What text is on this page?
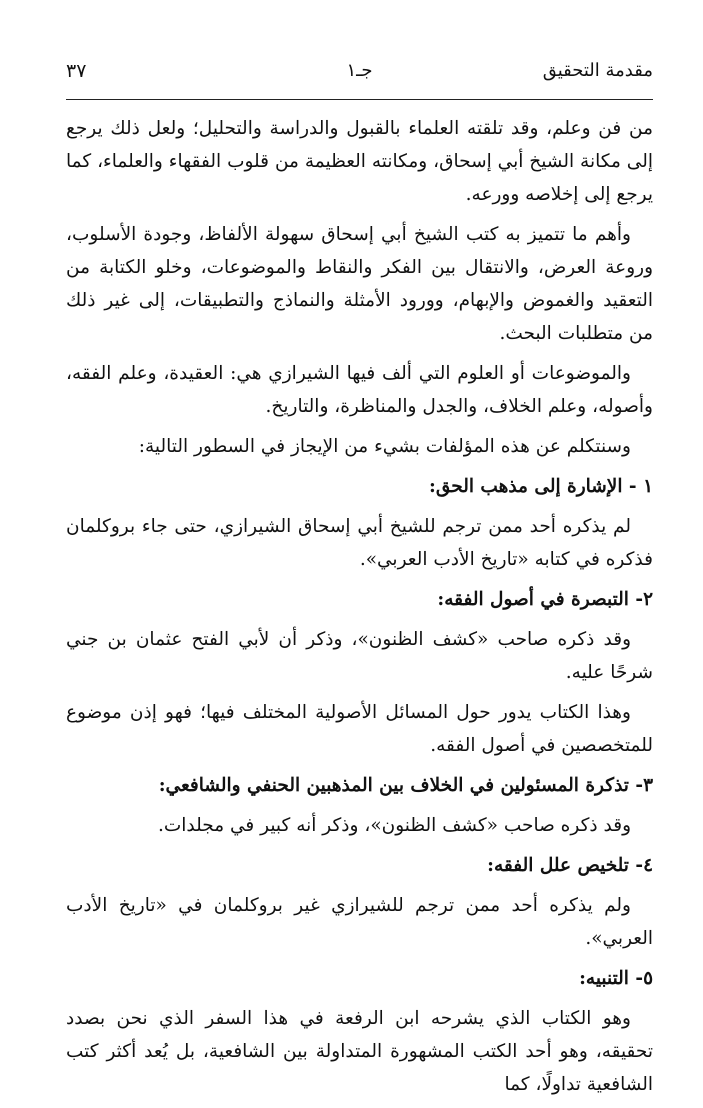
مقدمة التحقيق
جـ١
٣٧

من فن وعلم، وقد تلقته العلماء بالقبول والدراسة والتحليل؛ ولعل ذلك يرجع إلى مكانة الشيخ أبي إسحاق، ومكانته العظيمة من قلوب الفقهاء والعلماء، كما يرجع إلى إخلاصه وورعه.

وأهم ما تتميز به كتب الشيخ أبي إسحاق سهولة الألفاظ، وجودة الأسلوب، وروعة العرض، والانتقال بين الفكر والنقاط والموضوعات، وخلو الكتابة من التعقيد والغموض والإبهام، وورود الأمثلة والنماذج والتطبيقات، إلى غير ذلك من متطلبات البحث.

والموضوعات أو العلوم التي ألف فيها الشيرازي هي: العقيدة، وعلم الفقه، وأصوله، وعلم الخلاف، والجدل والمناظرة، والتاريخ.

وسنتكلم عن هذه المؤلفات بشيء من الإيجاز في السطور التالية:

١ - الإشارة إلى مذهب الحق:

لم يذكره أحد ممن ترجم للشيخ أبي إسحاق الشيرازي، حتى جاء بروكلمان فذكره في كتابه «تاريخ الأدب العربي».

٢- التبصرة في أصول الفقه:

وقد ذكره صاحب «كشف الظنون»، وذكر أن لأبي الفتح عثمان بن جني شرحًا عليه.

وهذا الكتاب يدور حول المسائل الأصولية المختلف فيها؛ فهو إذن موضوع للمتخصصين في أصول الفقه.

٣- تذكرة المسئولين في الخلاف بين المذهبين الحنفي والشافعي:

وقد ذكره صاحب «كشف الظنون»، وذكر أنه كبير في مجلدات.

٤- تلخيص علل الفقه:

ولم يذكره أحد ممن ترجم للشيرازي غير بروكلمان في «تاريخ الأدب العربي».

٥- التنبيه:

وهو الكتاب الذي يشرحه ابن الرفعة في هذا السفر الذي نحن بصدد تحقيقه، وهو أحد الكتب المشهورة المتداولة بين الشافعية، بل يُعد أكثر كتب الشافعية تداولًا، كما
